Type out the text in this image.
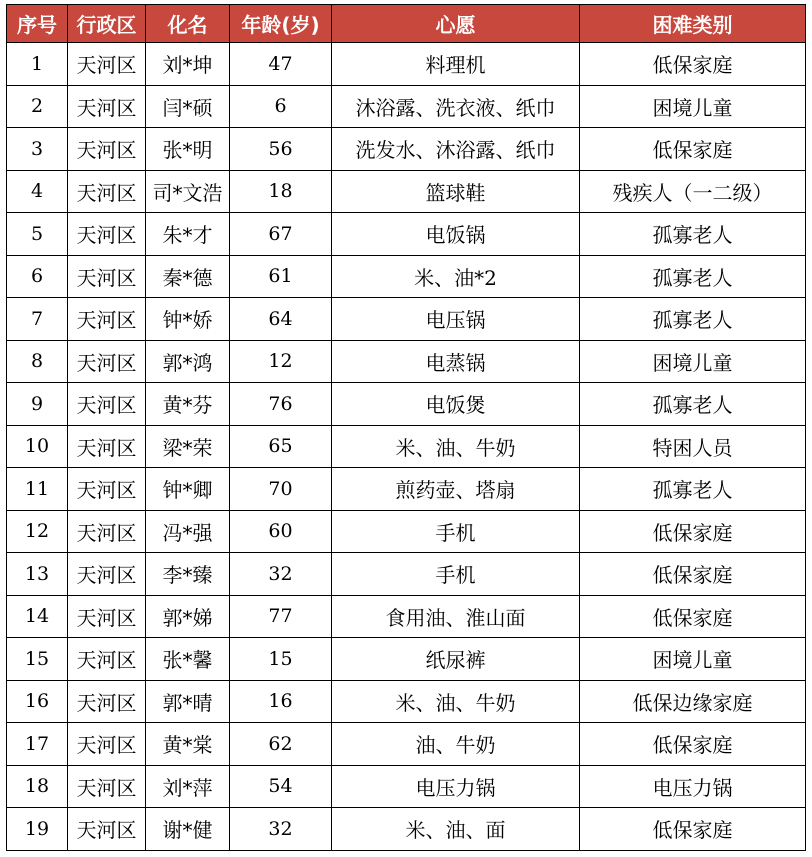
序号	行政区	化名	年龄(岁)	心愿	困难类别
1	天河区	刘*坤	47	料理机	低保家庭
2	天河区	闫*硕	6	沐浴露、洗衣液、纸巾	困境儿童
3	天河区	张*明	56	洗发水、沐浴露、纸巾	低保家庭
4	天河区	司*文浩	18	篮球鞋	残疾人（一二级）
5	天河区	朱*才	67	电饭锅	孤寡老人
6	天河区	秦*德	61	米、油*2	孤寡老人
7	天河区	钟*娇	64	电压锅	孤寡老人
8	天河区	郭*鸿	12	电蒸锅	困境儿童
9	天河区	黄*芬	76	电饭煲	孤寡老人
10	天河区	梁*荣	65	米、油、牛奶	特困人员
11	天河区	钟*卿	70	煎药壶、塔扇	孤寡老人
12	天河区	冯*强	60	手机	低保家庭
13	天河区	李*臻	32	手机	低保家庭
14	天河区	郭*娣	77	食用油、淮山面	低保家庭
15	天河区	张*馨	15	纸尿裤	困境儿童
16	天河区	郭*晴	16	米、油、牛奶	低保边缘家庭
17	天河区	黄*棠	62	油、牛奶	低保家庭
18	天河区	刘*萍	54	电压力锅	电压力锅
19	天河区	谢*健	32	米、油、面	低保家庭
